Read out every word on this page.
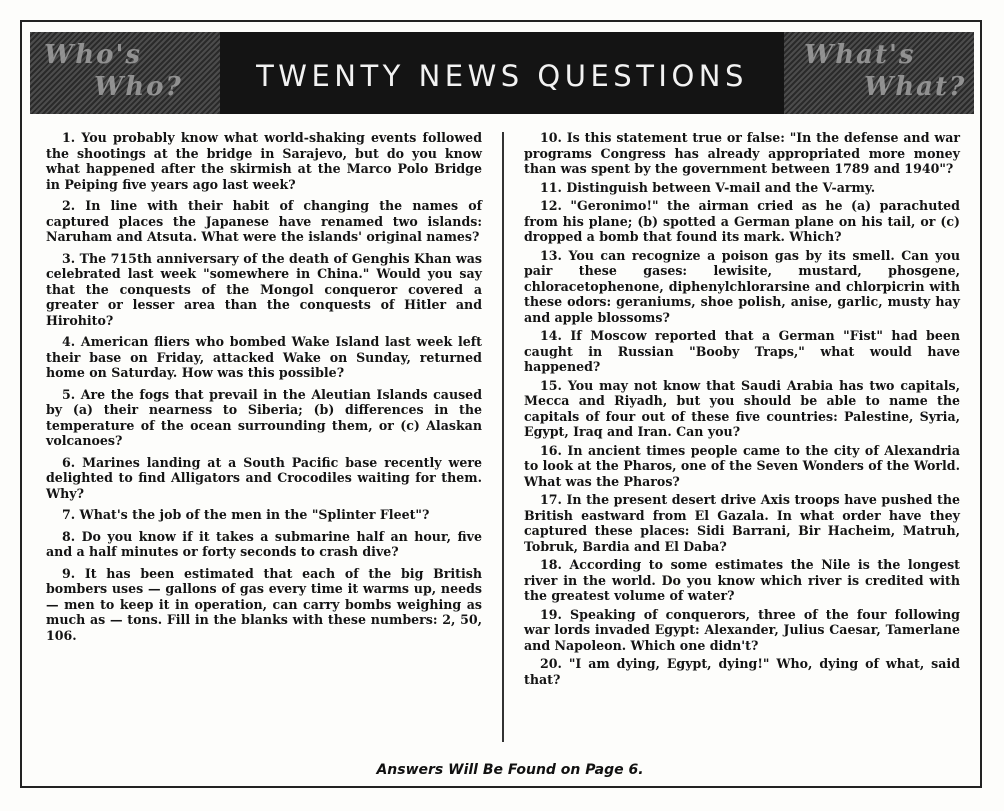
Who's
Who?	TWENTY NEWS QUESTIONS
What's
What?

1. You probably know what world-shaking events followed the shootings at the bridge in Sarajevo, but do you know what happened after the skirmish at the Marco Polo Bridge in Peiping five years ago last week?

2. In line with their habit of changing the names of captured places the Japanese have renamed two islands: Naruham and Atsuta. What were the islands' original names?

3. The 715th anniversary of the death of Genghis Khan was celebrated last week "somewhere in China." Would you say that the conquests of the Mongol conqueror covered a greater or lesser area than the conquests of Hitler and Hirohito?

4. American fliers who bombed Wake Island last week left their base on Friday, attacked Wake on Sunday, returned home on Saturday. How was this possible?

5. Are the fogs that prevail in the Aleutian Islands caused by (a) their nearness to Siberia; (b) differences in the temperature of the ocean surrounding them, or (c) Alaskan volcanoes?

6. Marines landing at a South Pacific base recently were delighted to find Alligators and Crocodiles waiting for them. Why?

7. What's the job of the men in the "Splinter Fleet"?

8. Do you know if it takes a submarine half an hour, five and a half minutes or forty seconds to crash dive?

9. It has been estimated that each of the big British bombers uses — gallons of gas every time it warms up, needs — men to keep it in operation, can carry bombs weighing as much as — tons. Fill in the blanks with these numbers: 2, 50, 106.

10. Is this statement true or false: "In the defense and war programs Congress has already appropriated more money than was spent by the government between 1789 and 1940"?

11. Distinguish between V-mail and the V-army.

12. "Geronimo!" the airman cried as he (a) parachuted from his plane; (b) spotted a German plane on his tail, or (c) dropped a bomb that found its mark. Which?

13. You can recognize a poison gas by its smell. Can you pair these gases: lewisite, mustard, phosgene, chloracetophenone, diphenylchlorarsine and chlorpicrin with these odors: geraniums, shoe polish, anise, garlic, musty hay and apple blossoms?

14. If Moscow reported that a German "Fist" had been caught in Russian "Booby Traps," what would have happened?

15. You may not know that Saudi Arabia has two capitals, Mecca and Riyadh, but you should be able to name the capitals of four out of these five countries: Palestine, Syria, Egypt, Iraq and Iran. Can you?

16. In ancient times people came to the city of Alexandria to look at the Pharos, one of the Seven Wonders of the World. What was the Pharos?

17. In the present desert drive Axis troops have pushed the British eastward from El Gazala. In what order have they captured these places: Sidi Barrani, Bir Hacheim, Matruh, Tobruk, Bardia and El Daba?

18. According to some estimates the Nile is the longest river in the world. Do you know which river is credited with the greatest volume of water?

19. Speaking of conquerors, three of the four following war lords invaded Egypt: Alexander, Julius Caesar, Tamerlane and Napoleon. Which one didn't?

20. "I am dying, Egypt, dying!" Who, dying of what, said that?

Answers Will Be Found on Page 6.
